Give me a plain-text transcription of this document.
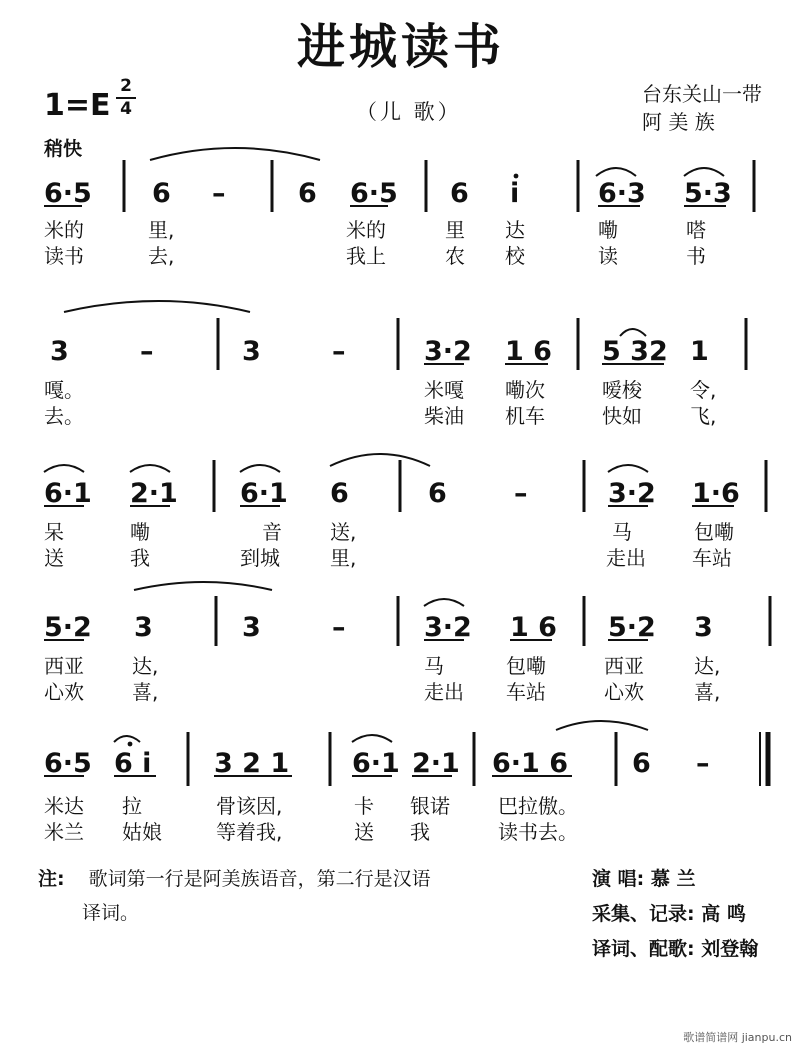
进城读书
1=E
2
4	（儿 歌）
台东关山一带
阿 美 族
稍快
6·5 6 –	6 6·5 6 i	6·3 5·3
米的	里,	米的	里 达	嘞	嗒
读书	去,	我上	农 校	读	书
3	–	3	–	3·2 1 6 5 32 1
嘎。	米嘎 嘞次	嗳梭 令,
去。	柴油 机车	快如 飞,
6·1 2·1 6·1 6	6 –	3·2 1·6
呆	嘞	音 送,	马	包嘞
送	我	到城	里,	走出 车站
5·2 3	3	–	3·2 1 6 5·2 3
西亚 达,	马	包嘞	西亚	达,
心欢 喜,	走出 车站	心欢	喜,
6·5 6 i 3 2 1 6·1 2·1 6·1 6 6 –
米达 拉	骨该因,	卡 银诺 巴拉傲。
米兰 姑娘	等着我,	送 我	读书去。
注: 歌词第一行是阿美族语音，第二行是汉语
译词。
演 唱: 慕 兰
采集、记录: 高 鸣
译词、配歌: 刘登翰
歌谱简谱网 jianpu.cn
